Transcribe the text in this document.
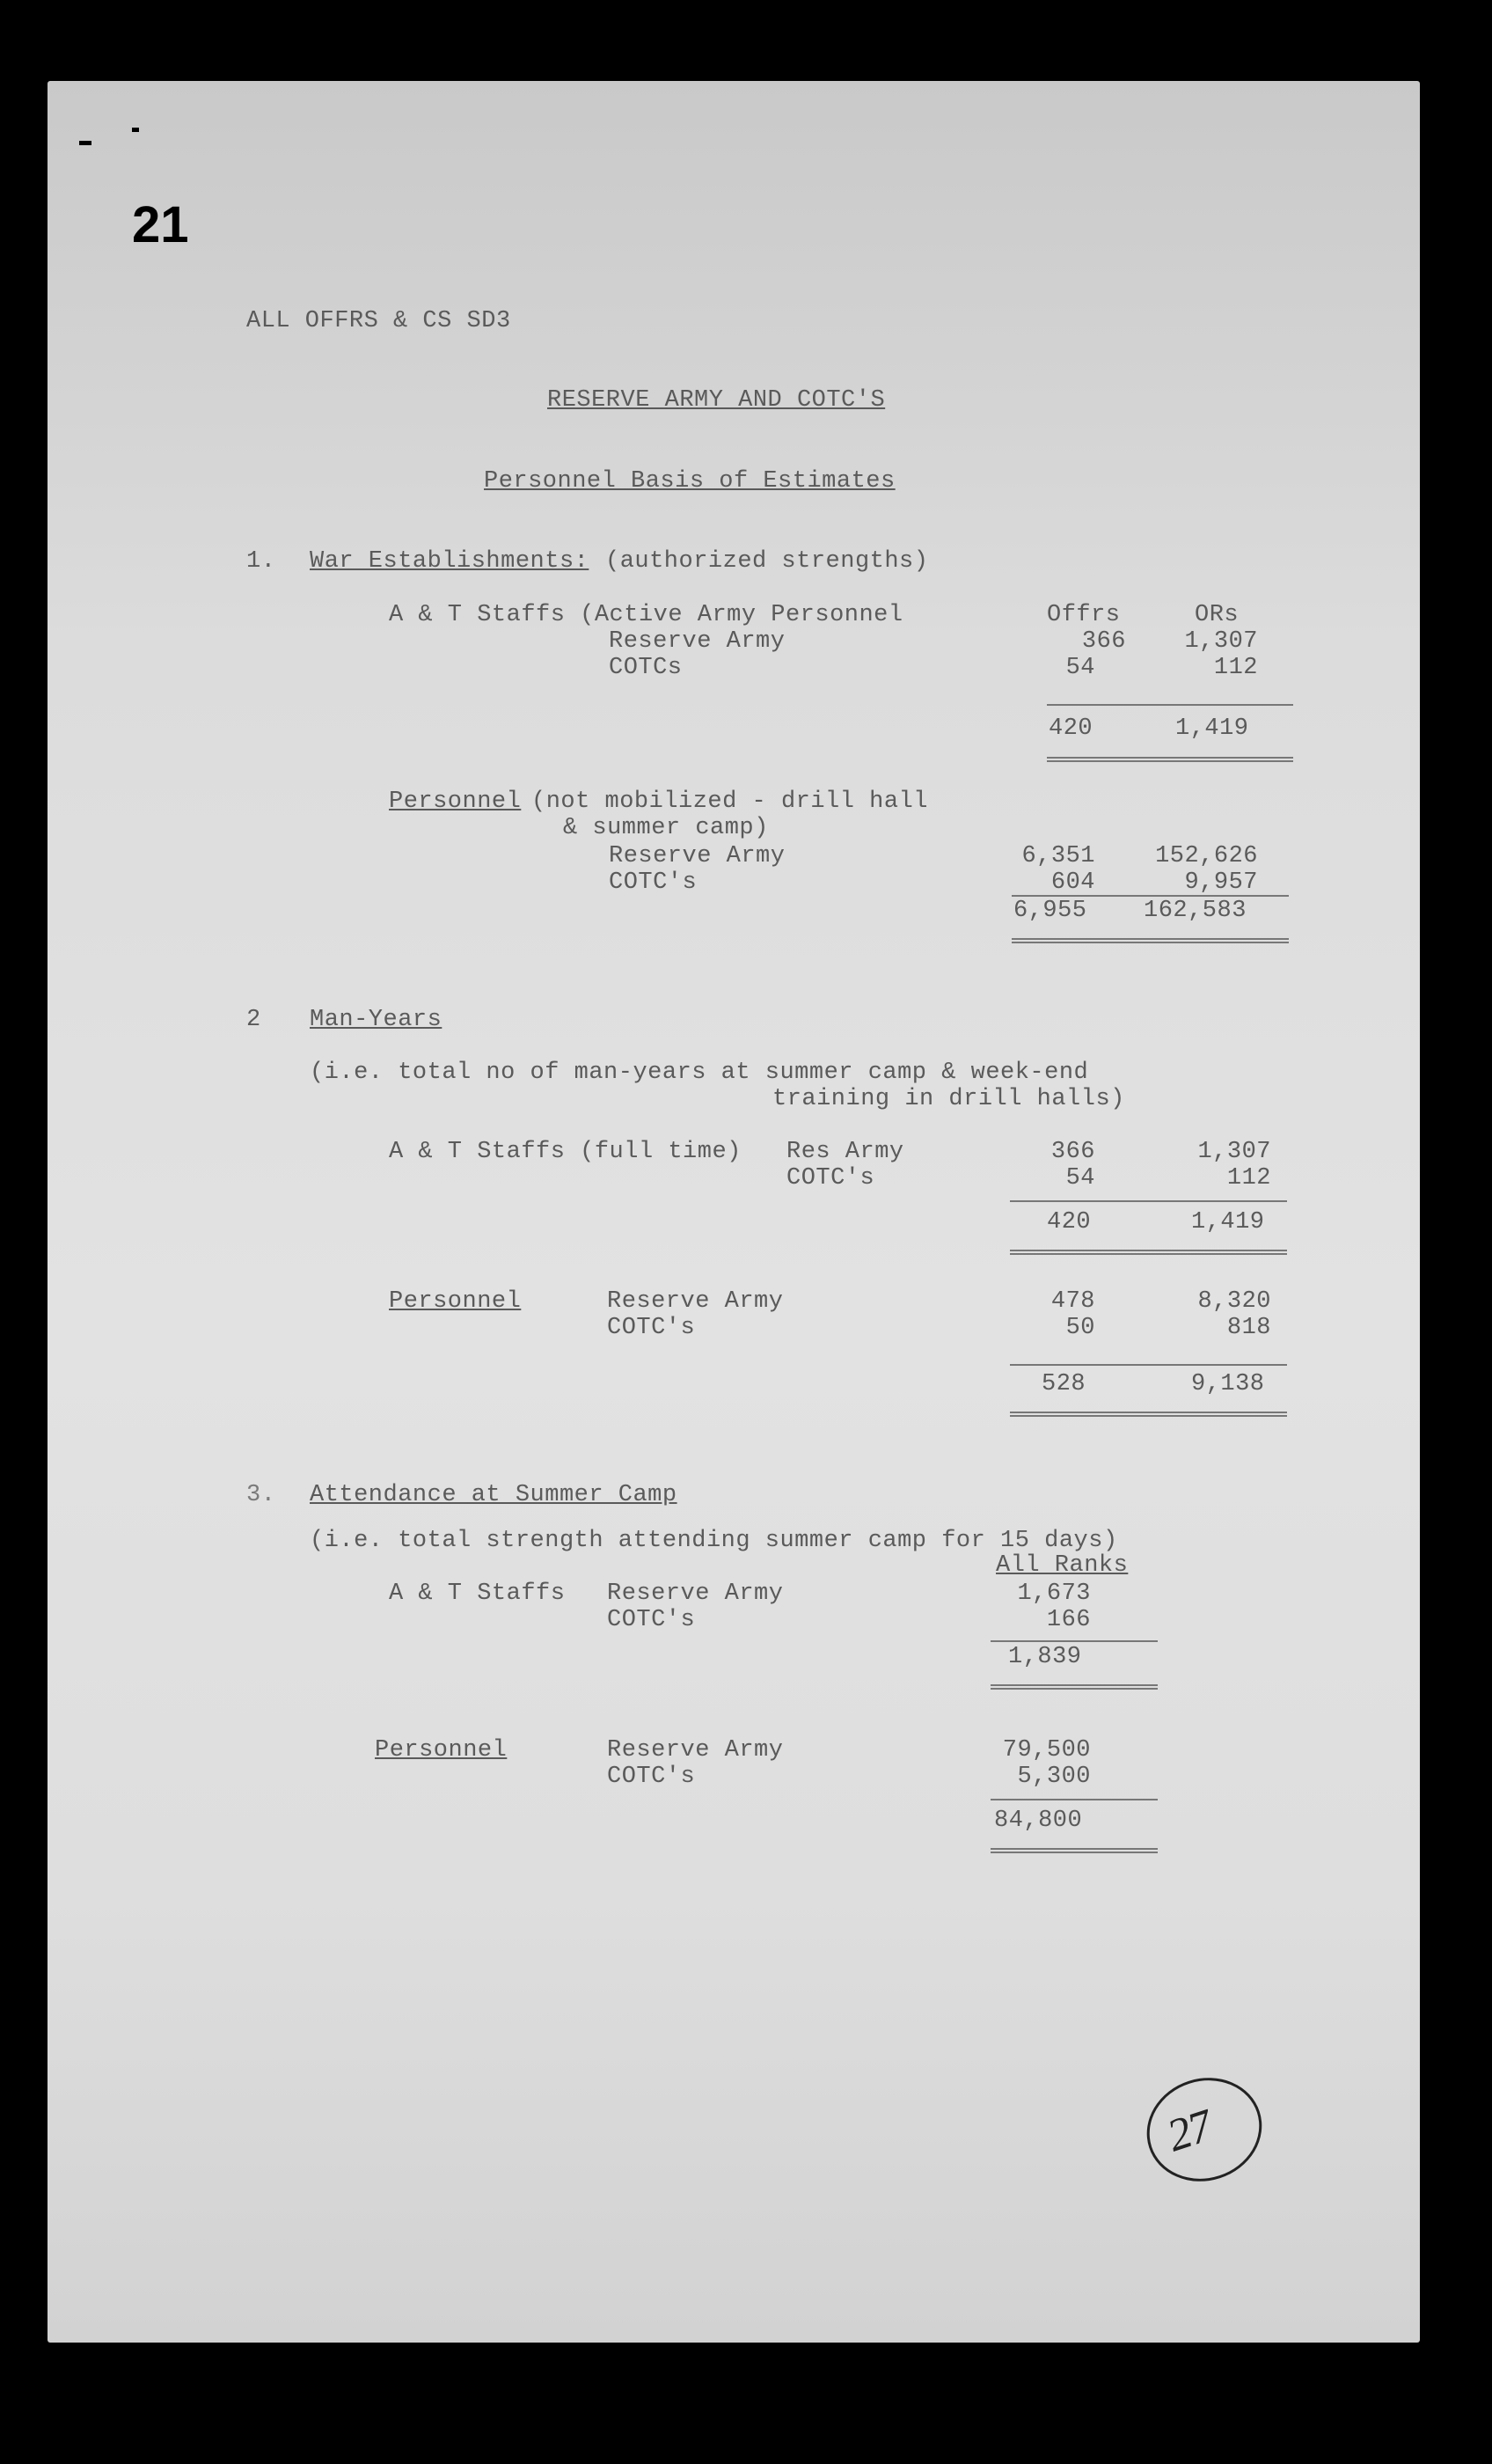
21
ALL OFFRS & CS SD3
RESERVE ARMY AND COTC'S
Personnel Basis of Estimates
1. War Establishments: (authorized strengths)
Offrs	ORs
A & T Staffs (Active Army Personnel
Reserve Army	366	1,307
COTCs	54	112
420	1,419
Personnel (not mobilized - drill hall
& summer camp)
Reserve Army	6,351	152,626
COTC's	604	9,957
6,955 162,583
2 Man-Years
(i.e. total no of man-years at summer camp & week-end
training in drill halls)
A & T Staffs (full time) Res Army	366	1,307
COTC's	54	112
420	1,419
Personnel	Reserve Army	478	8,320
COTC's	50	818
528	9,138
3. Attendance at Summer Camp
(i.e. total strength attending summer camp for 15 days)
All Ranks
A & T Staffs Reserve Army	1,673
COTC's	166
1,839
Personnel	Reserve Army	79,500
COTC's	5,300
84,800
27
